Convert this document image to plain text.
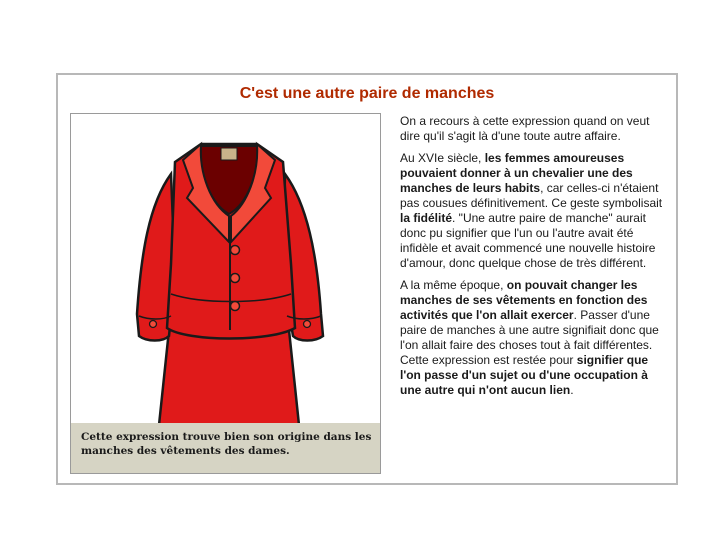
C'est une autre paire de manches
Cette expression trouve bien son origine dans les manches des vêtements des dames.

On a recours à cette expression quand on veut dire qu'il s'agit là d'une toute autre affaire.

Au XVIe siècle, les femmes amoureuses pouvaient donner à un chevalier une des manches de leurs habits, car celles-ci n'étaient pas cousues définitivement. Ce geste symbolisait la fidélité. "Une autre paire de manche" aurait donc pu signifier que l'un ou l'autre avait été infidèle et avait commencé une nouvelle histoire d'amour, donc quelque chose de très différent.

A la même époque, on pouvait changer les manches de ses vêtements en fonction des activités que l'on allait exercer. Passer d'une paire de manches à une autre signifiait donc que l'on allait faire des choses tout à fait différentes. Cette expression est restée pour signifier que l'on passe d'un sujet ou d'une occupation à une autre qui n'ont aucun lien.
